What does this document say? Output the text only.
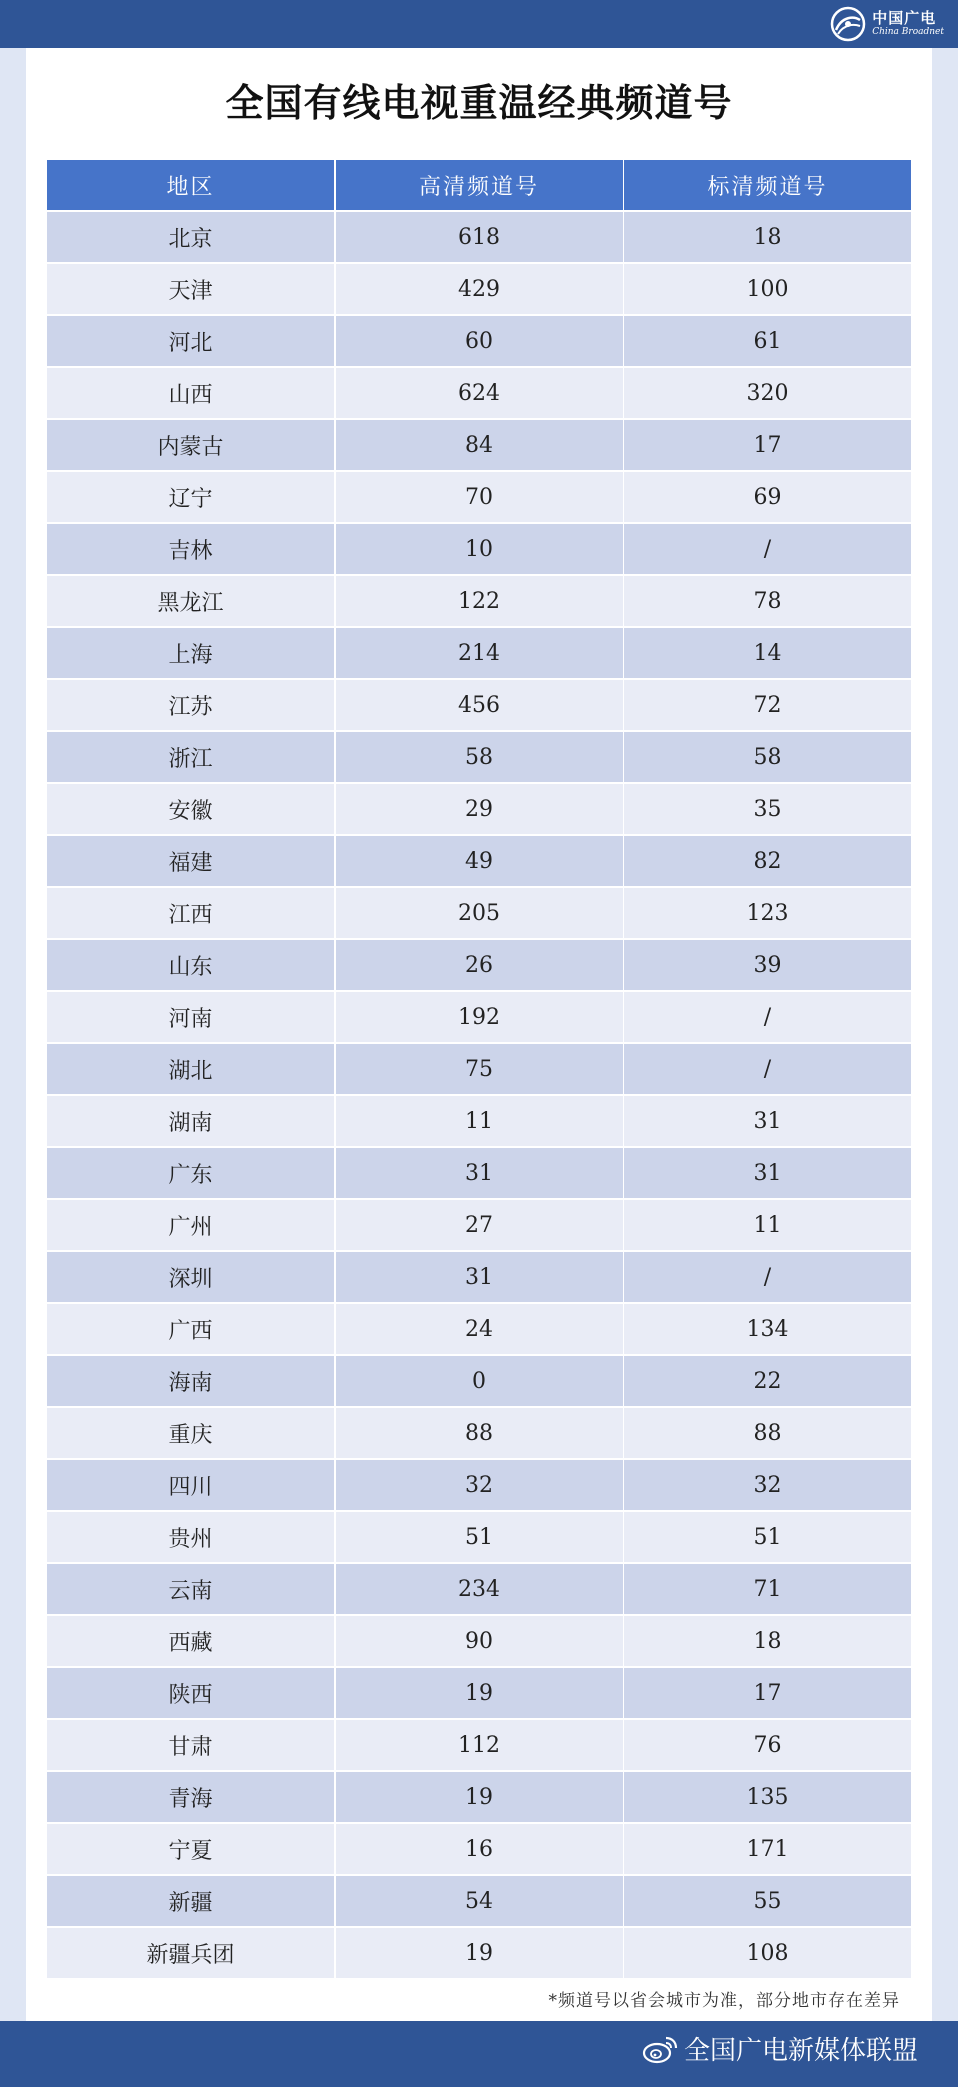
中国广电
China Broadnet
全国有线电视重温经典频道号
地区	高清频道号	标清频道号
北京	618	18
天津	429	100
河北	60	61
山西	624	320
内蒙古	84	17
辽宁	70	69
吉林	10	/
黑龙江	122	78
上海	214	14
江苏	456	72
浙江	58	58
安徽	29	35
福建	49	82
江西	205	123
山东	26	39
河南	192	/
湖北	75	/
湖南	11	31
广东	31	31
广州	27	11
深圳	31	/
广西	24	134
海南	0	22
重庆	88	88
四川	32	32
贵州	51	51
云南	234	71
西藏	90	18
陕西	19	17
甘肃	112	76
青海	19	135
宁夏	16	171
新疆	54	55
新疆兵团	19	108
*频道号以省会城市为准，部分地市存在差异
全国广电新媒体联盟
